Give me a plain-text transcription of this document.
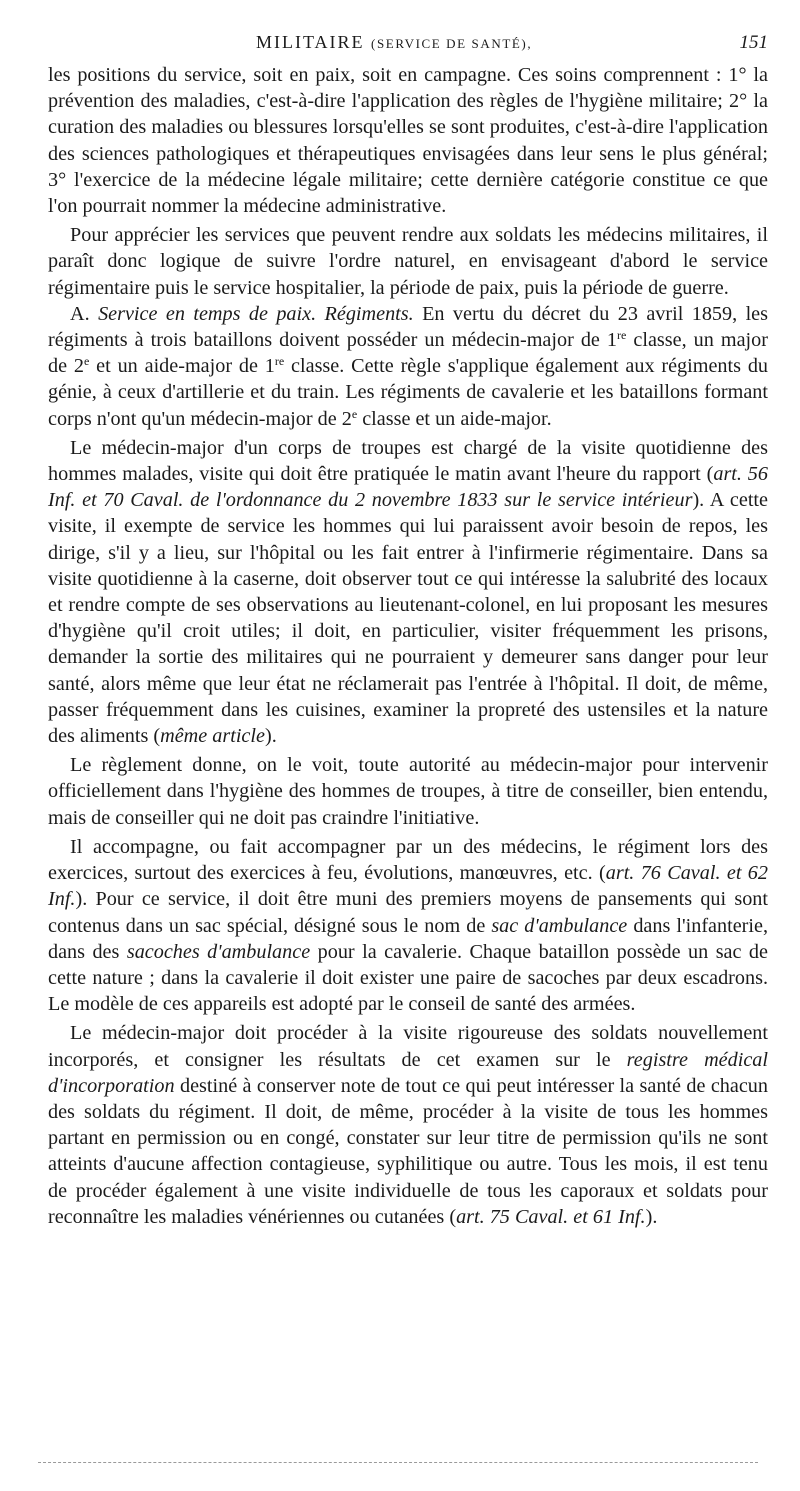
MILITAIRE (SERVICE DE SANTÉ),	151

les positions du service, soit en paix, soit en campagne. Ces soins comprennent : 1° la prévention des maladies, c'est-à-dire l'application des règles de l'hygiène militaire; 2° la curation des maladies ou blessures lorsqu'elles se sont produites, c'est-à-dire l'application des sciences pathologiques et thérapeutiques envisagées dans leur sens le plus général; 3° l'exercice de la médecine légale militaire; cette dernière catégorie constitue ce que l'on pourrait nommer la médecine administrative.

Pour apprécier les services que peuvent rendre aux soldats les médecins militaires, il paraît donc logique de suivre l'ordre naturel, en envisageant d'abord le service régimentaire puis le service hospitalier, la période de paix, puis la période de guerre.

A. Service en temps de paix. Régiments. En vertu du décret du 23 avril 1859, les régiments à trois bataillons doivent posséder un médecin-major de 1re classe, un major de 2e et un aide-major de 1re classe. Cette règle s'applique également aux régiments du génie, à ceux d'artillerie et du train. Les régiments de cavalerie et les bataillons formant corps n'ont qu'un médecin-major de 2e classe et un aide-major.

Le médecin-major d'un corps de troupes est chargé de la visite quotidienne des hommes malades, visite qui doit être pratiquée le matin avant l'heure du rapport (art. 56 Inf. et 70 Caval. de l'ordonnance du 2 novembre 1833 sur le service intérieur). A cette visite, il exempte de service les hommes qui lui paraissent avoir besoin de repos, les dirige, s'il y a lieu, sur l'hôpital ou les fait entrer à l'infirmerie régimentaire. Dans sa visite quotidienne à la caserne, doit observer tout ce qui intéresse la salubrité des locaux et rendre compte de ses observations au lieutenant-colonel, en lui proposant les mesures d'hygiène qu'il croit utiles; il doit, en particulier, visiter fréquemment les prisons, demander la sortie des militaires qui ne pourraient y demeurer sans danger pour leur santé, alors même que leur état ne réclamerait pas l'entrée à l'hôpital. Il doit, de même, passer fréquemment dans les cuisines, examiner la propreté des ustensiles et la nature des aliments (même article).

Le règlement donne, on le voit, toute autorité au médecin-major pour intervenir officiellement dans l'hygiène des hommes de troupes, à titre de conseiller, bien entendu, mais de conseiller qui ne doit pas craindre l'initiative.

Il accompagne, ou fait accompagner par un des médecins, le régiment lors des exercices, surtout des exercices à feu, évolutions, manœuvres, etc. (art. 76 Caval. et 62 Inf.). Pour ce service, il doit être muni des premiers moyens de pansements qui sont contenus dans un sac spécial, désigné sous le nom de sac d'ambulance dans l'infanterie, dans des sacoches d'ambulance pour la cavalerie. Chaque bataillon possède un sac de cette nature ; dans la cavalerie il doit exister une paire de sacoches par deux escadrons. Le modèle de ces appareils est adopté par le conseil de santé des armées.

Le médecin-major doit procéder à la visite rigoureuse des soldats nouvellement incorporés, et consigner les résultats de cet examen sur le registre médical d'incorporation destiné à conserver note de tout ce qui peut intéresser la santé de chacun des soldats du régiment. Il doit, de même, procéder à la visite de tous les hommes partant en permission ou en congé, constater sur leur titre de permission qu'ils ne sont atteints d'aucune affection contagieuse, syphilitique ou autre. Tous les mois, il est tenu de procéder également à une visite individuelle de tous les caporaux et soldats pour reconnaître les maladies vénériennes ou cutanées (art. 75 Caval. et 61 Inf.).
